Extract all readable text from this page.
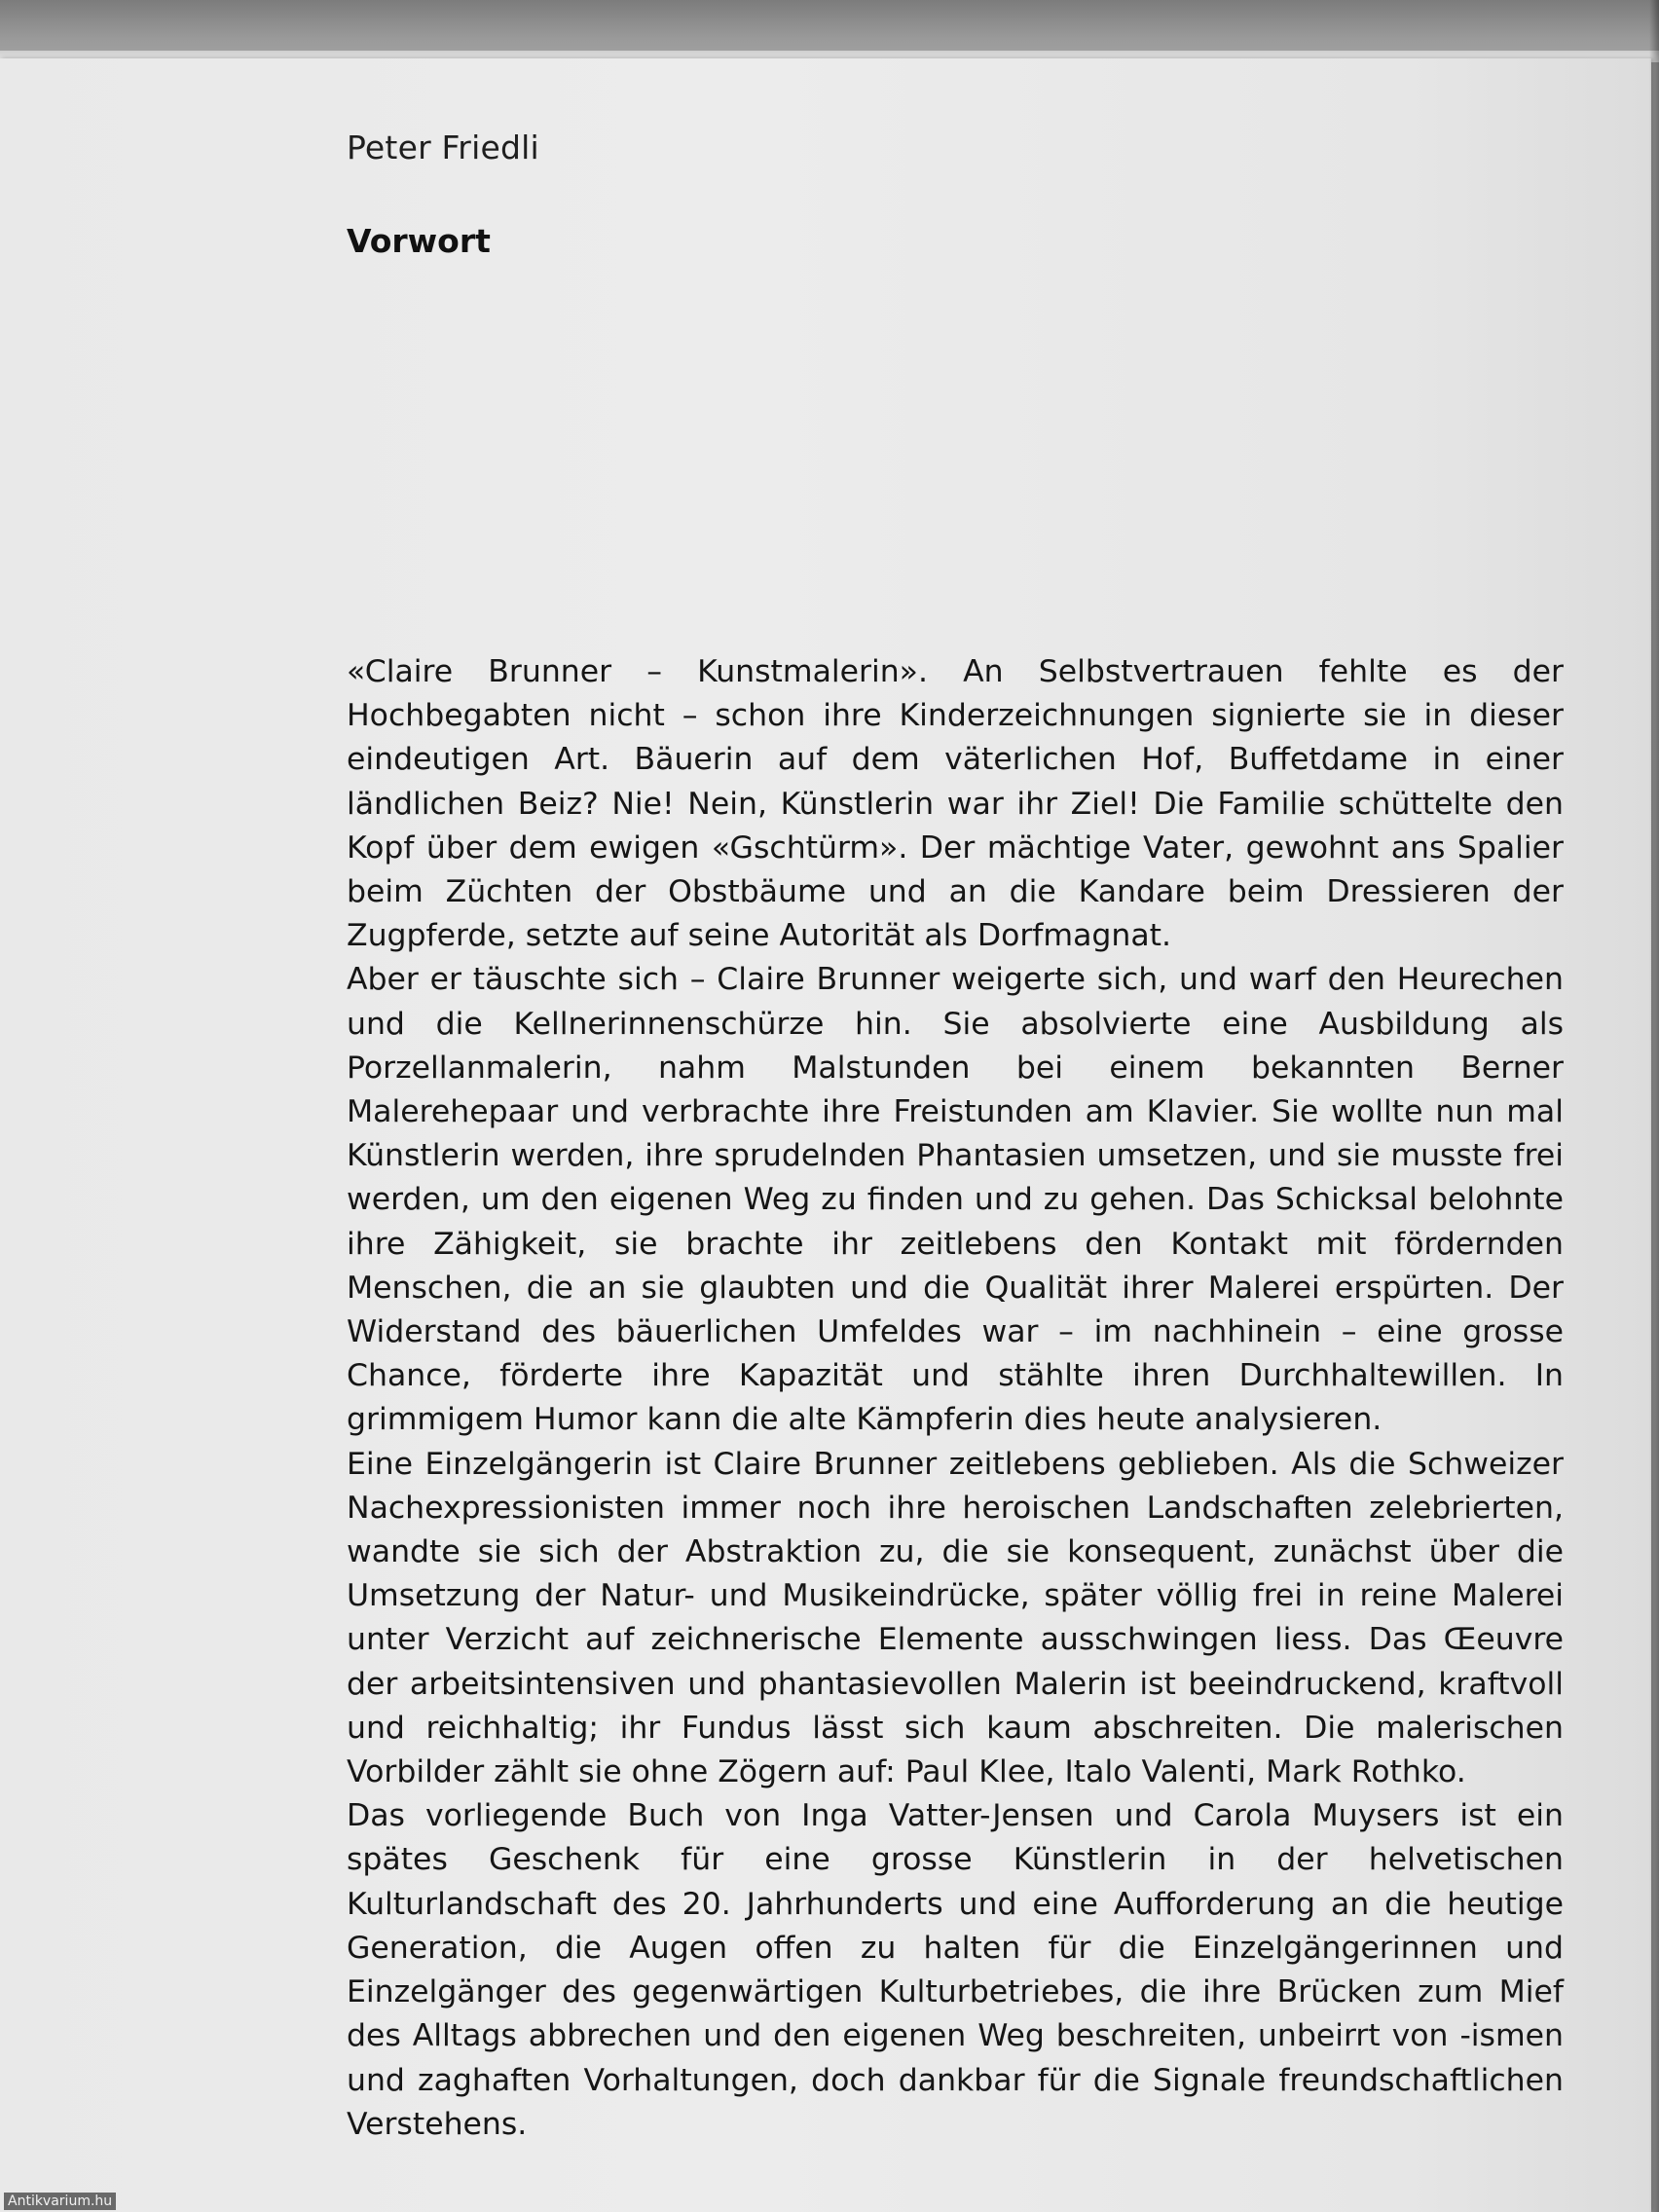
Peter Friedli
Vorwort

«Claire Brunner – Kunstmalerin». An Selbstvertrauen fehlte es der Hochbegabten nicht – schon ihre Kinderzeichnungen signierte sie in dieser eindeutigen Art. Bäuerin auf dem väterlichen Hof, Buffetdame in einer ländlichen Beiz? Nie! Nein, Künstlerin war ihr Ziel! Die Familie schüttelte den Kopf über dem ewigen «Gschtürm». Der mächtige Vater, gewohnt ans Spalier beim Züchten der Obstbäume und an die Kandare beim Dressieren der Zugpferde, setzte auf seine Autorität als Dorfmagnat.

Aber er täuschte sich – Claire Brunner weigerte sich, und warf den Heurechen und die Kellnerinnenschürze hin. Sie absolvierte eine Ausbildung als Porzellanmalerin, nahm Malstunden bei einem bekannten Berner Malerehepaar und verbrachte ihre Freistunden am Klavier. Sie wollte nun mal Künstlerin werden, ihre sprudelnden Phantasien umsetzen, und sie musste frei werden, um den eigenen Weg zu finden und zu gehen. Das Schicksal belohnte ihre Zähigkeit, sie brachte ihr zeitlebens den Kontakt mit fördernden Menschen, die an sie glaubten und die Qualität ihrer Malerei erspürten. Der Widerstand des bäuerlichen Umfeldes war – im nachhinein – eine grosse Chance, förderte ihre Kapazität und stählte ihren Durchhaltewillen. In grimmigem Humor kann die alte Kämpferin dies heute analysieren.

Eine Einzelgängerin ist Claire Brunner zeitlebens geblieben. Als die Schweizer Nachexpressionisten immer noch ihre heroischen Landschaften zelebrierten, wandte sie sich der Abstraktion zu, die sie konsequent, zunächst über die Umsetzung der Natur- und Musikeindrücke, später völlig frei in reine Malerei unter Verzicht auf zeichnerische Elemente ausschwingen liess. Das Œeuvre der arbeitsintensiven und phantasievollen Malerin ist beeindruckend, kraftvoll und reichhaltig; ihr Fundus lässt sich kaum abschreiten. Die malerischen Vorbilder zählt sie ohne Zögern auf: Paul Klee, Italo Valenti, Mark Rothko.

Das vorliegende Buch von Inga Vatter-Jensen und Carola Muysers ist ein spätes Geschenk für eine grosse Künstlerin in der helvetischen Kulturlandschaft des 20. Jahrhunderts und eine Aufforderung an die heutige Generation, die Augen offen zu halten für die Einzelgängerinnen und Einzelgänger des gegenwärtigen Kulturbetriebes, die ihre Brücken zum Mief des Alltags abbrechen und den eigenen Weg beschreiten, unbeirrt von -ismen und zaghaften Vorhaltungen, doch dankbar für die Signale freundschaftlichen Verstehens.

Antikvarium.hu
